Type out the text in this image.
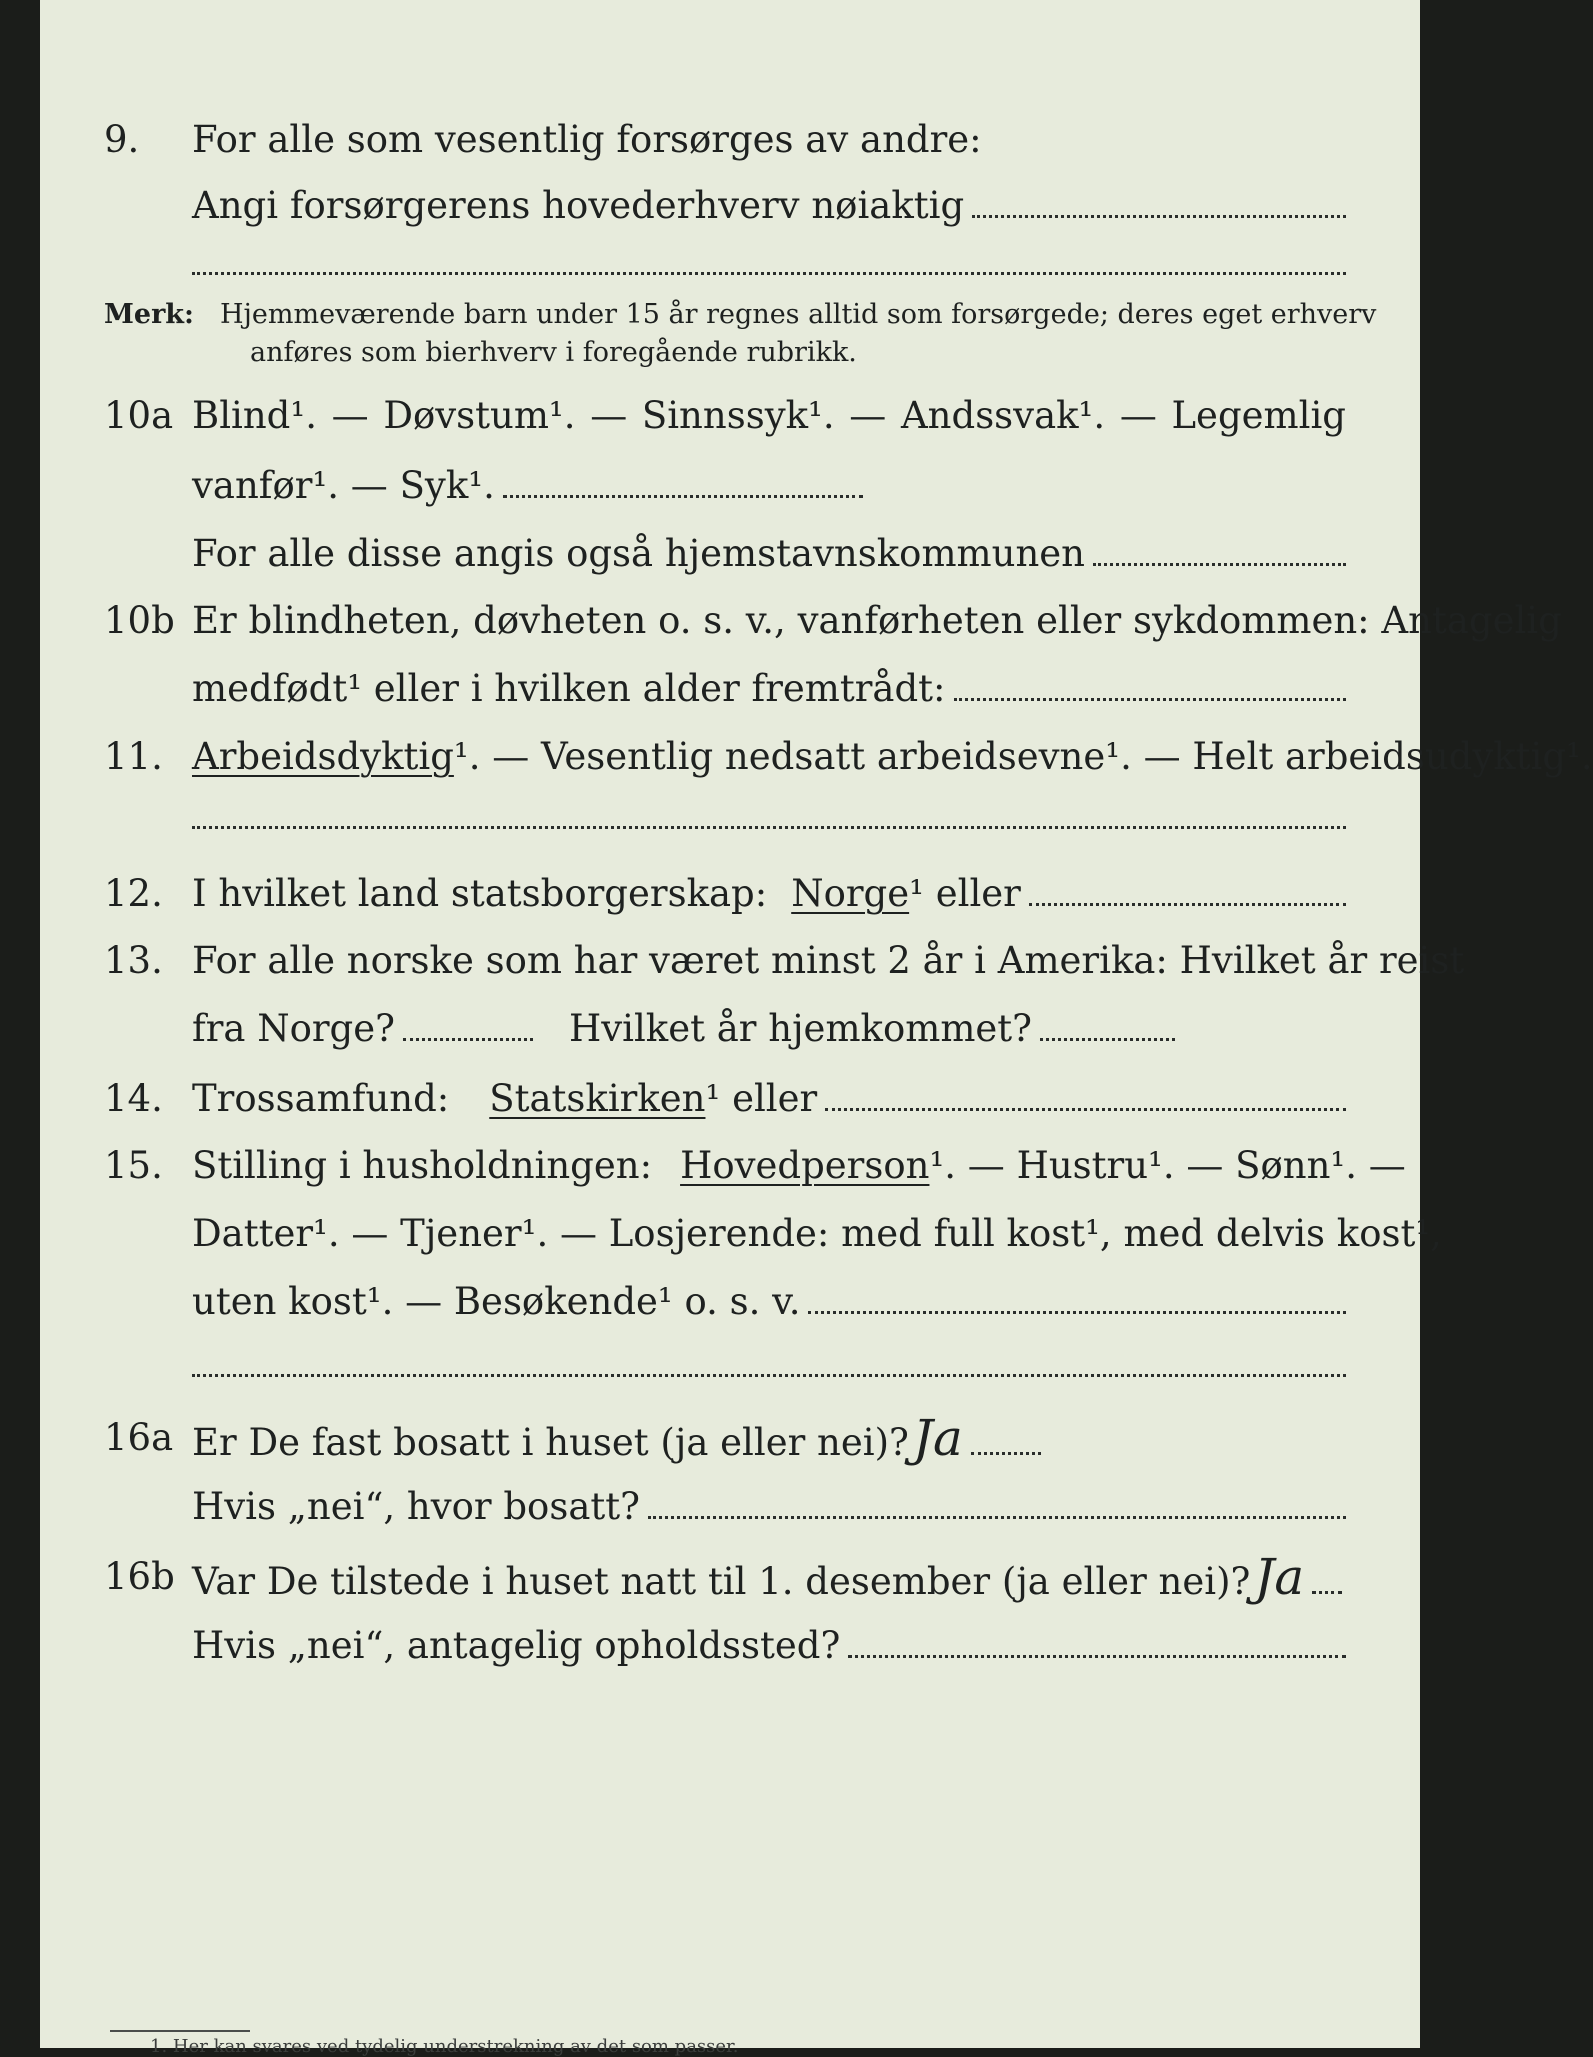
9. For alle som vesentlig forsørges av andre:
Angi forsørgerens hovederhverv nøiaktig
Merk: Hjemmeværende barn under 15 år regnes alltid som forsørgede; deres eget erhverv
anføres som bierhverv i foregående rubrikk.
10a Blind¹. — Døvstum¹. — Sinnssyk¹. — Andssvak¹. — Legemlig
vanfør¹. — Syk¹.
For alle disse angis også hjemstavnskommunen
10b Er blindheten, døvheten o. s. v., vanførheten eller sykdommen: Antagelig
medfødt¹ eller i hvilken alder fremtrådt:
11. Arbeidsdyktig ¹. — Vesentlig nedsatt arbeidsevne¹. — Helt arbeidsudyktig¹.
12. I hvilket land statsborgerskap: Norge ¹ eller
13. For alle norske som har været minst 2 år i Amerika: Hvilket år reist
fra Norge?	Hvilket år hjemkommet?
14. Trossamfund: Statskirken ¹ eller
15. Stilling i husholdningen: Hovedperson ¹. — Hustru¹. — Sønn¹. —
Datter¹. — Tjener¹. — Losjerende: med full kost¹, med delvis kost¹,
uten kost¹. — Besøkende¹ o. s. v.
16a Er De fast bosatt i huset (ja eller nei)? Ja
Hvis „nei“, hvor bosatt?
16b Var De tilstede i huset natt til 1. desember (ja eller nei)? Ja
Hvis „nei“, antagelig opholdssted?
1. Her kan svares ved tydelig understrekning av det som passer.
